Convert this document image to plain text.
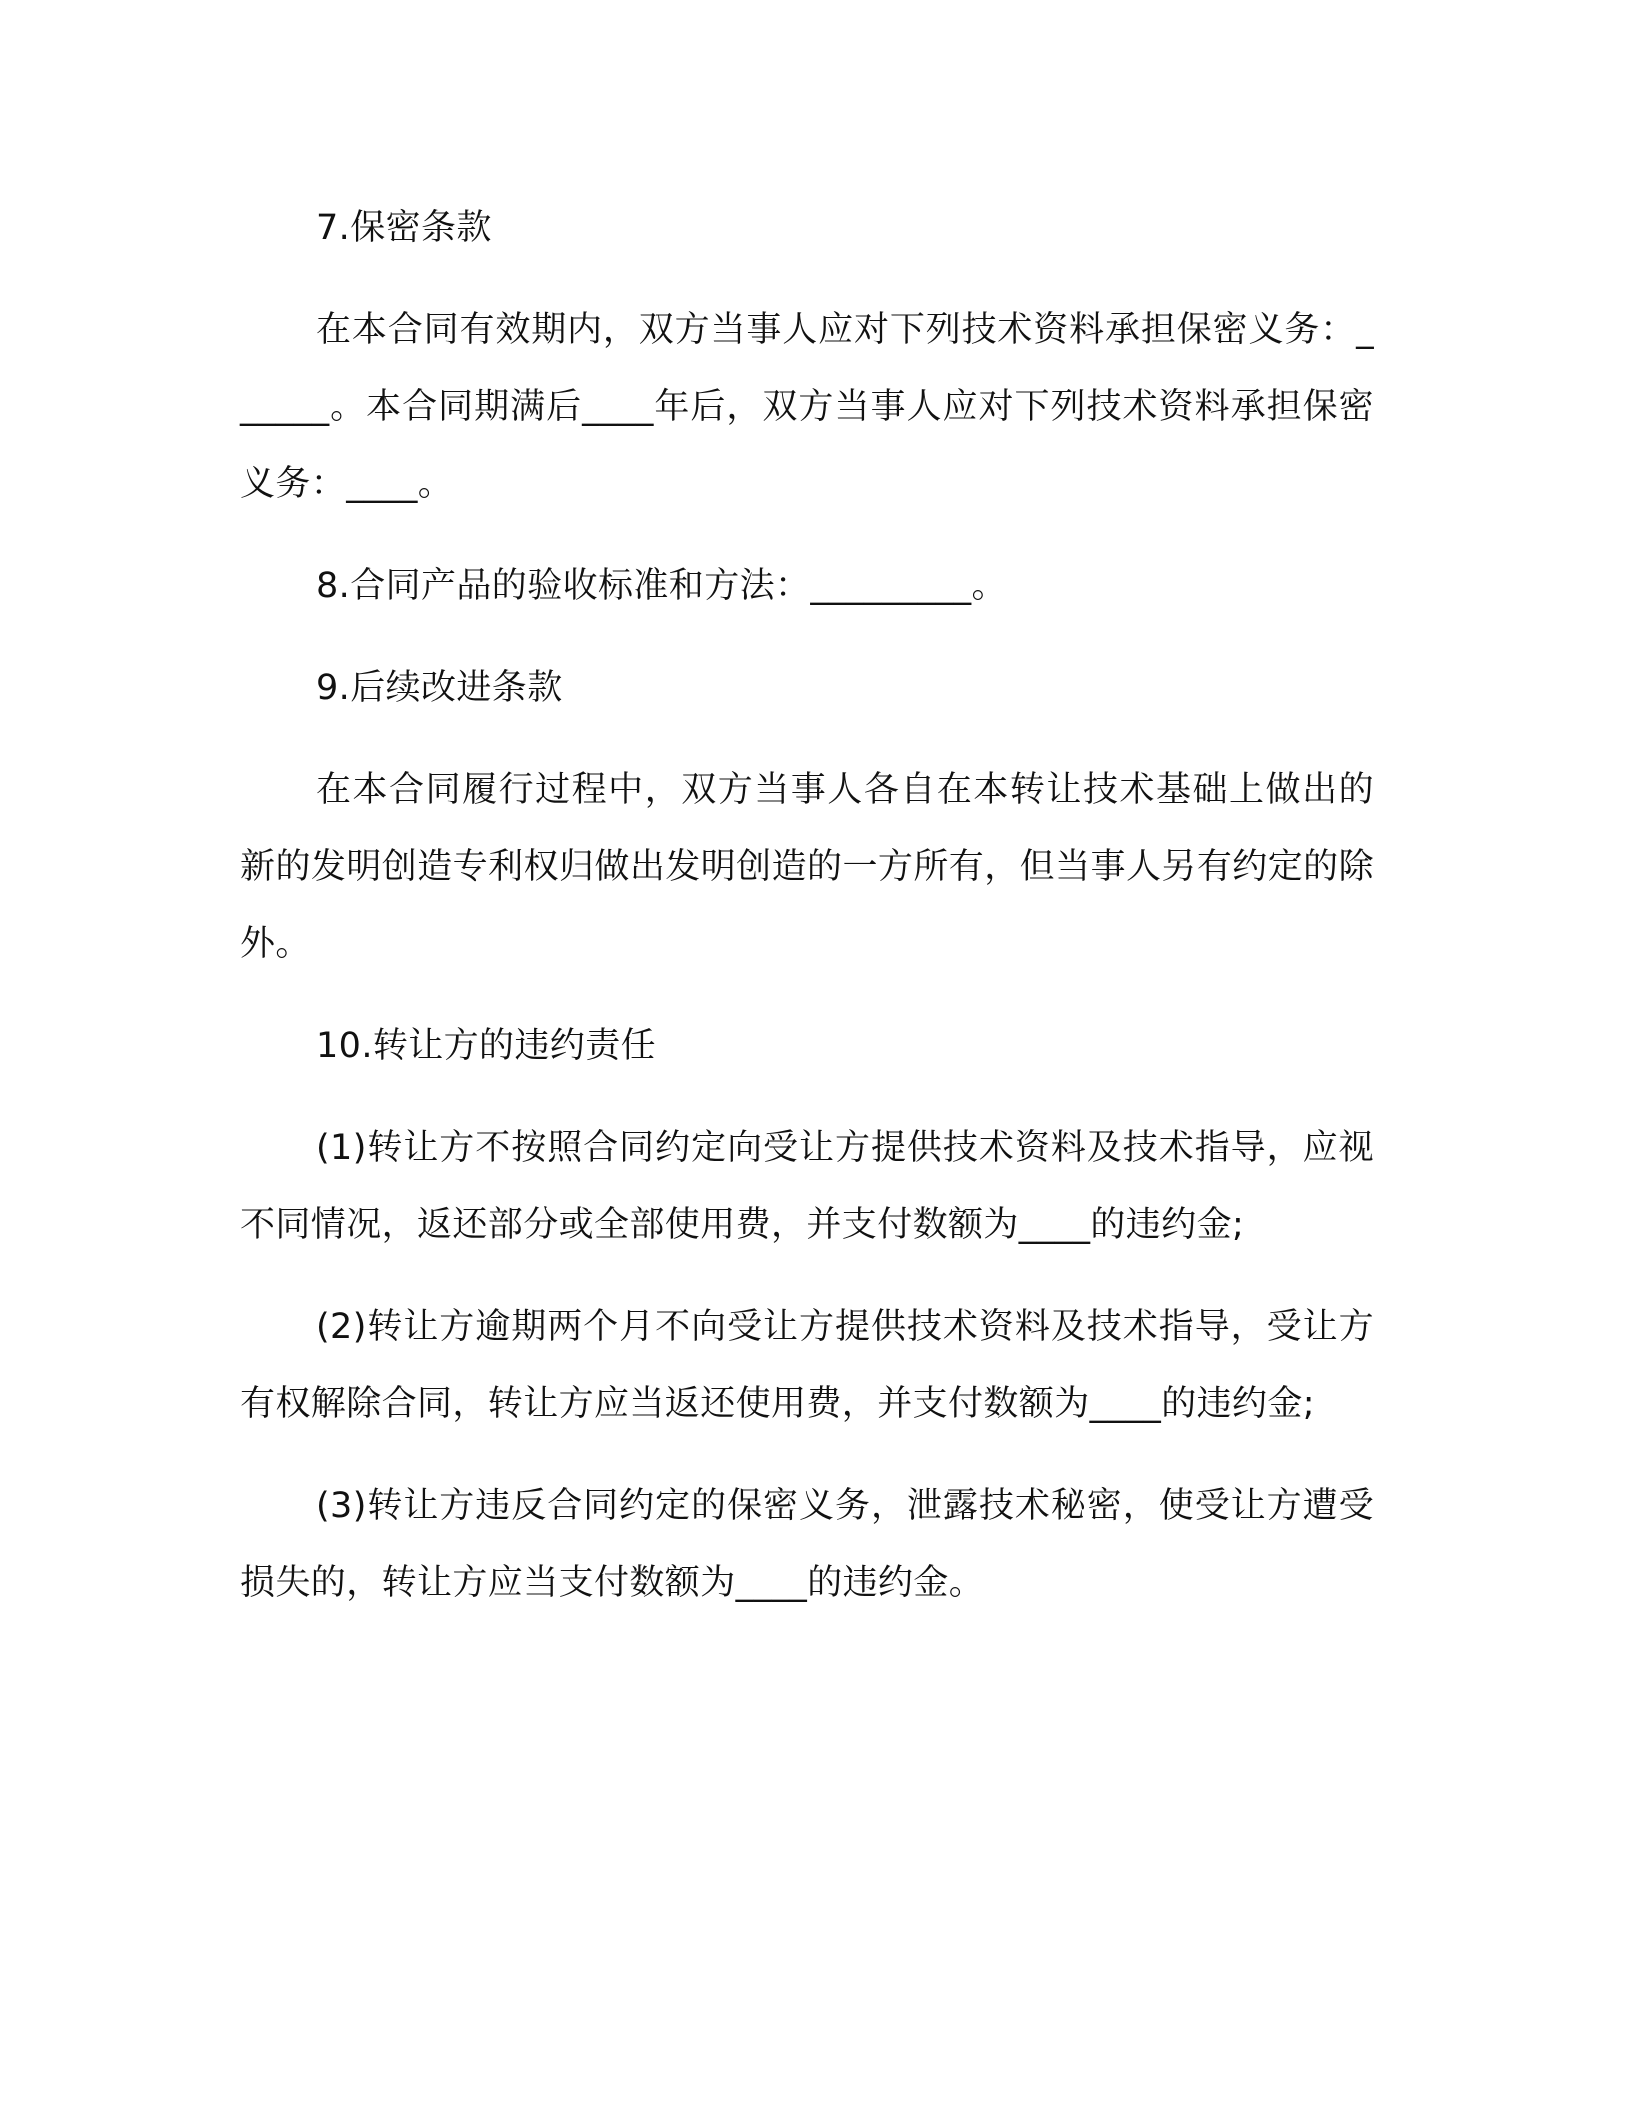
7.保密条款

在本合同有效期内，双方当事人应对下列技术资料承担保密义务：______。本合同期满后____年后，双方当事人应对下列技术资料承担保密义务：____。

8.合同产品的验收标准和方法：_________。

9.后续改进条款

在本合同履行过程中，双方当事人各自在本转让技术基础上做出的新的发明创造专利权归做出发明创造的一方所有，但当事人另有约定的除外。

10.转让方的违约责任

(1)转让方不按照合同约定向受让方提供技术资料及技术指导，应视不同情况，返还部分或全部使用费，并支付数额为____的违约金;

(2)转让方逾期两个月不向受让方提供技术资料及技术指导，受让方有权解除合同，转让方应当返还使用费，并支付数额为____的违约金;

(3)转让方违反合同约定的保密义务，泄露技术秘密，使受让方遭受损失的，转让方应当支付数额为____的违约金。
